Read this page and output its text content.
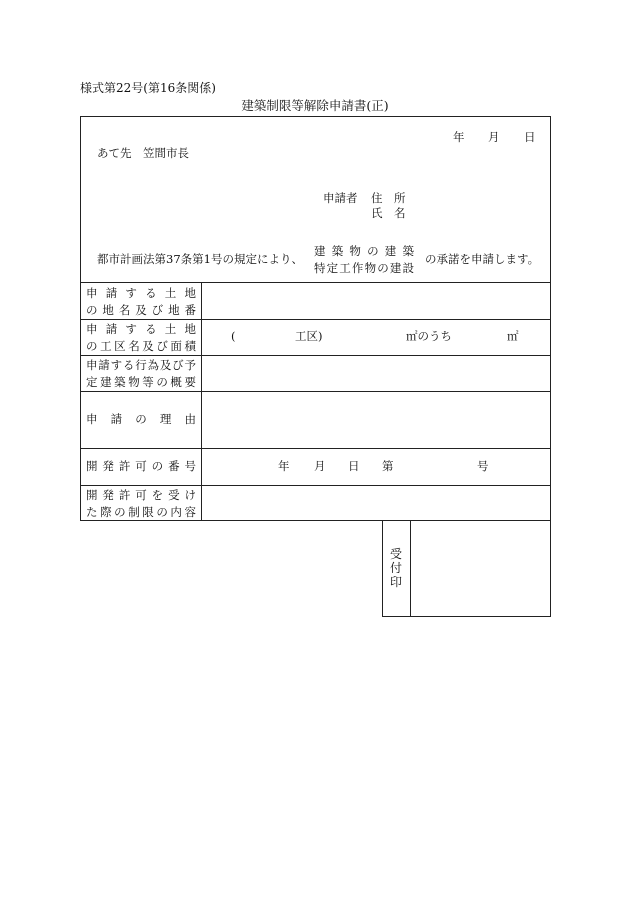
様式第22号(第16条関係)
建築制限等解除申請書(正)
年 月 日
あて先　笠間市長
申請者 住　所
氏　名
都市計画法第37条第1号の規定により、
建築物の建築
特定工作物の建設
の承諾を申請します。
申請する土地
の地名及び地番
申請する土地
の工区名及び面積
(	工区)	㎡のうち	㎡
申請する行為及び予
定建築物等の概要
申請の理由
開発許可の番号	年 月 日 第	号
開発許可を受け
た際の制限の内容
受
付
印
